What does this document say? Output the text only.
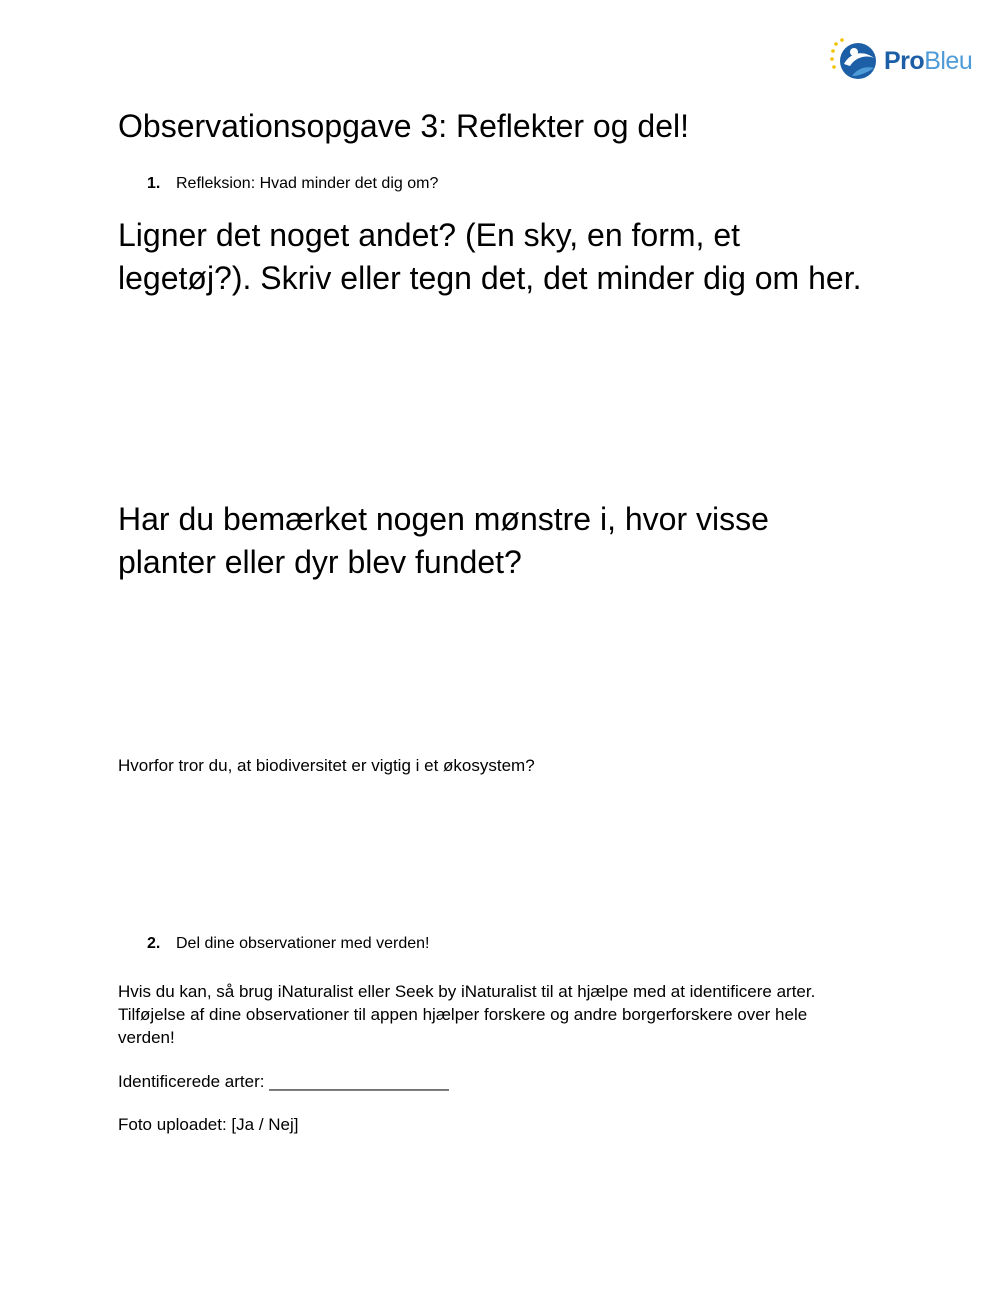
ProBleu
Observationsopgave 3: Reflekter og del!
1. Refleksion: Hvad minder det dig om?
Ligner det noget andet? (En sky, en form, et
legetøj?). Skriv eller tegn det, det minder dig om her.
Har du bemærket nogen mønstre i, hvor visse
planter eller dyr blev fundet?
Hvorfor tror du, at biodiversitet er vigtig i et økosystem?
2. Del dine observationer med verden!
Hvis du kan, så brug iNaturalist eller Seek by iNaturalist til at hjælpe med at identificere arter.
Tilføjelse af dine observationer til appen hjælper forskere og andre borgerforskere over hele
verden!
Identificerede arter: ___________________
Foto uploadet: [Ja / Nej]
